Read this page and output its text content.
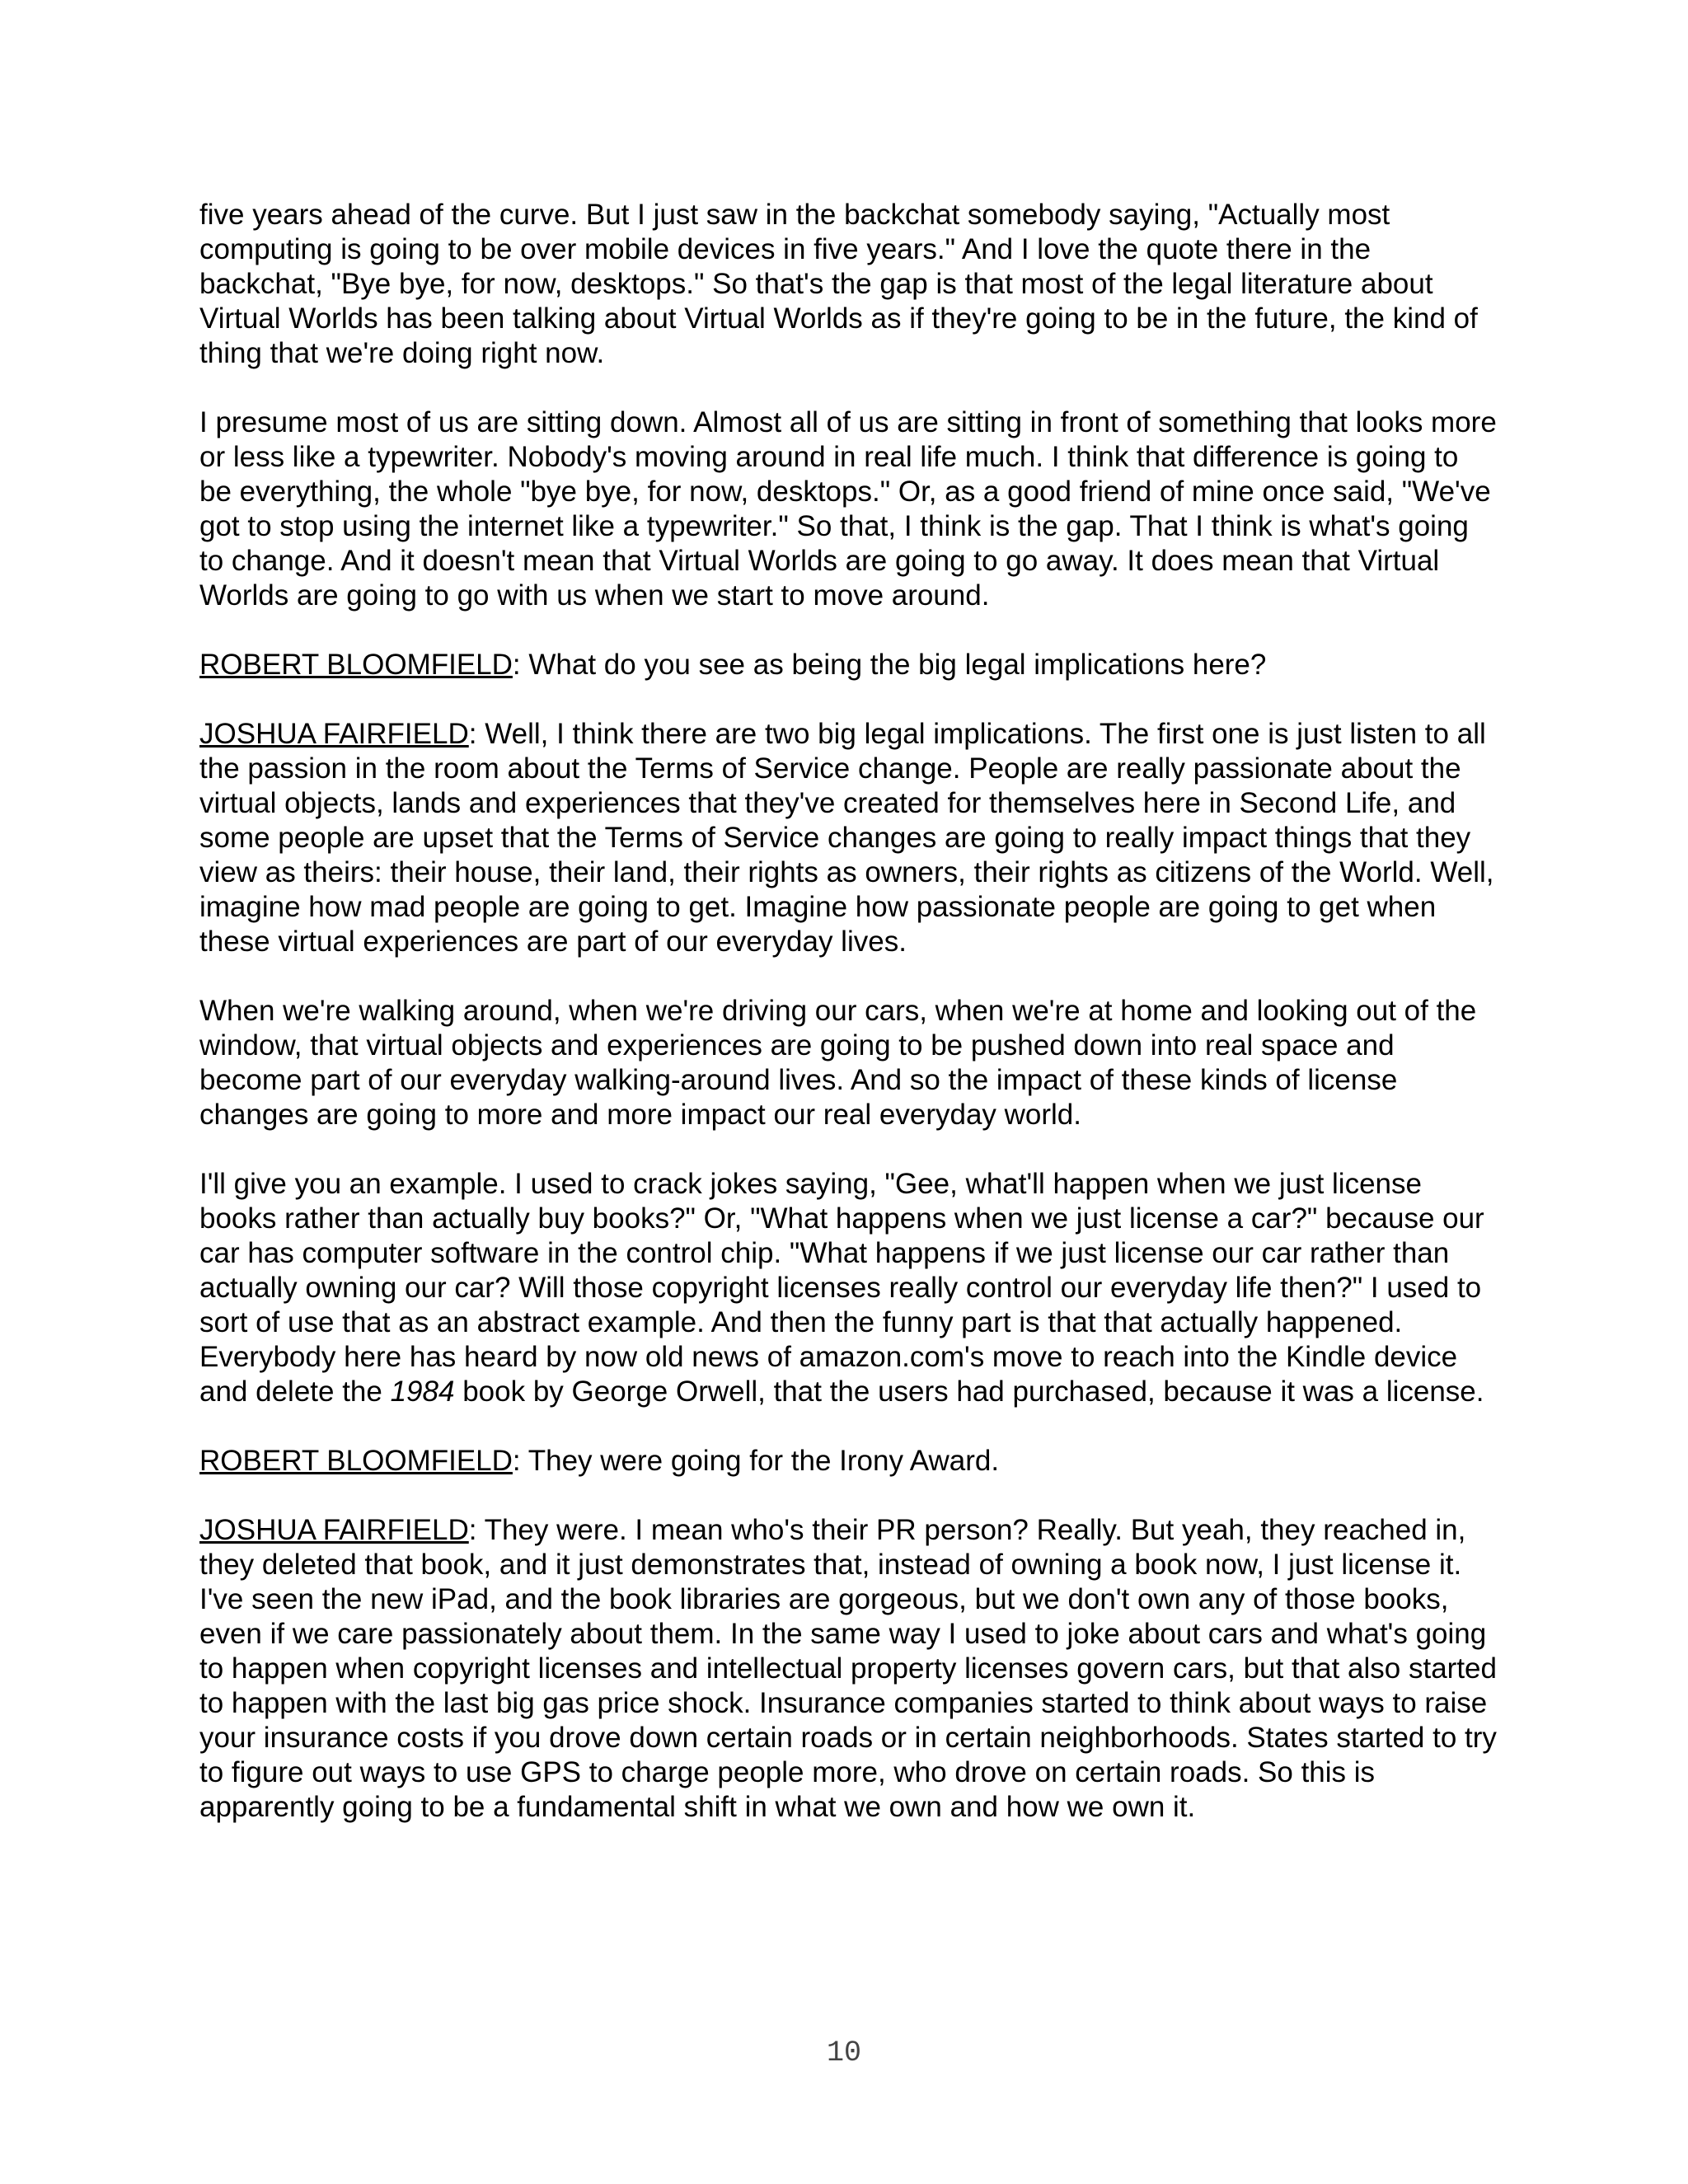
five years ahead of the curve. But I just saw in the backchat somebody saying, "Actually most computing is going to be over mobile devices in five years." And I love the quote there in the backchat, "Bye bye, for now, desktops." So that's the gap is that most of the legal literature about Virtual Worlds has been talking about Virtual Worlds as if they're going to be in the future, the kind of thing that we're doing right now.

I presume most of us are sitting down. Almost all of us are sitting in front of something that looks more or less like a typewriter. Nobody's moving around in real life much. I think that difference is going to be everything, the whole "bye bye, for now, desktops." Or, as a good friend of mine once said, "We've got to stop using the internet like a typewriter." So that, I think is the gap. That I think is what's going to change. And it doesn't mean that Virtual Worlds are going to go away. It does mean that Virtual Worlds are going to go with us when we start to move around.

ROBERT BLOOMFIELD: What do you see as being the big legal implications here?

JOSHUA FAIRFIELD: Well, I think there are two big legal implications. The first one is just listen to all the passion in the room about the Terms of Service change. People are really passionate about the virtual objects, lands and experiences that they've created for themselves here in Second Life, and some people are upset that the Terms of Service changes are going to really impact things that they view as theirs: their house, their land, their rights as owners, their rights as citizens of the World. Well, imagine how mad people are going to get. Imagine how passionate people are going to get when these virtual experiences are part of our everyday lives.

When we're walking around, when we're driving our cars, when we're at home and looking out of the window, that virtual objects and experiences are going to be pushed down into real space and become part of our everyday walking-around lives. And so the impact of these kinds of license changes are going to more and more impact our real everyday world.

I'll give you an example. I used to crack jokes saying, "Gee, what'll happen when we just license books rather than actually buy books?" Or, "What happens when we just license a car?" because our car has computer software in the control chip. "What happens if we just license our car rather than actually owning our car? Will those copyright licenses really control our everyday life then?" I used to sort of use that as an abstract example. And then the funny part is that that actually happened. Everybody here has heard by now old news of amazon.com's move to reach into the Kindle device and delete the 1984 book by George Orwell, that the users had purchased, because it was a license.

ROBERT BLOOMFIELD: They were going for the Irony Award.

JOSHUA FAIRFIELD: They were. I mean who's their PR person? Really. But yeah, they reached in, they deleted that book, and it just demonstrates that, instead of owning a book now, I just license it. I've seen the new iPad, and the book libraries are gorgeous, but we don't own any of those books, even if we care passionately about them. In the same way I used to joke about cars and what's going to happen when copyright licenses and intellectual property licenses govern cars, but that also started to happen with the last big gas price shock. Insurance companies started to think about ways to raise your insurance costs if you drove down certain roads or in certain neighborhoods. States started to try to figure out ways to use GPS to charge people more, who drove on certain roads. So this is apparently going to be a fundamental shift in what we own and how we own it.

10
